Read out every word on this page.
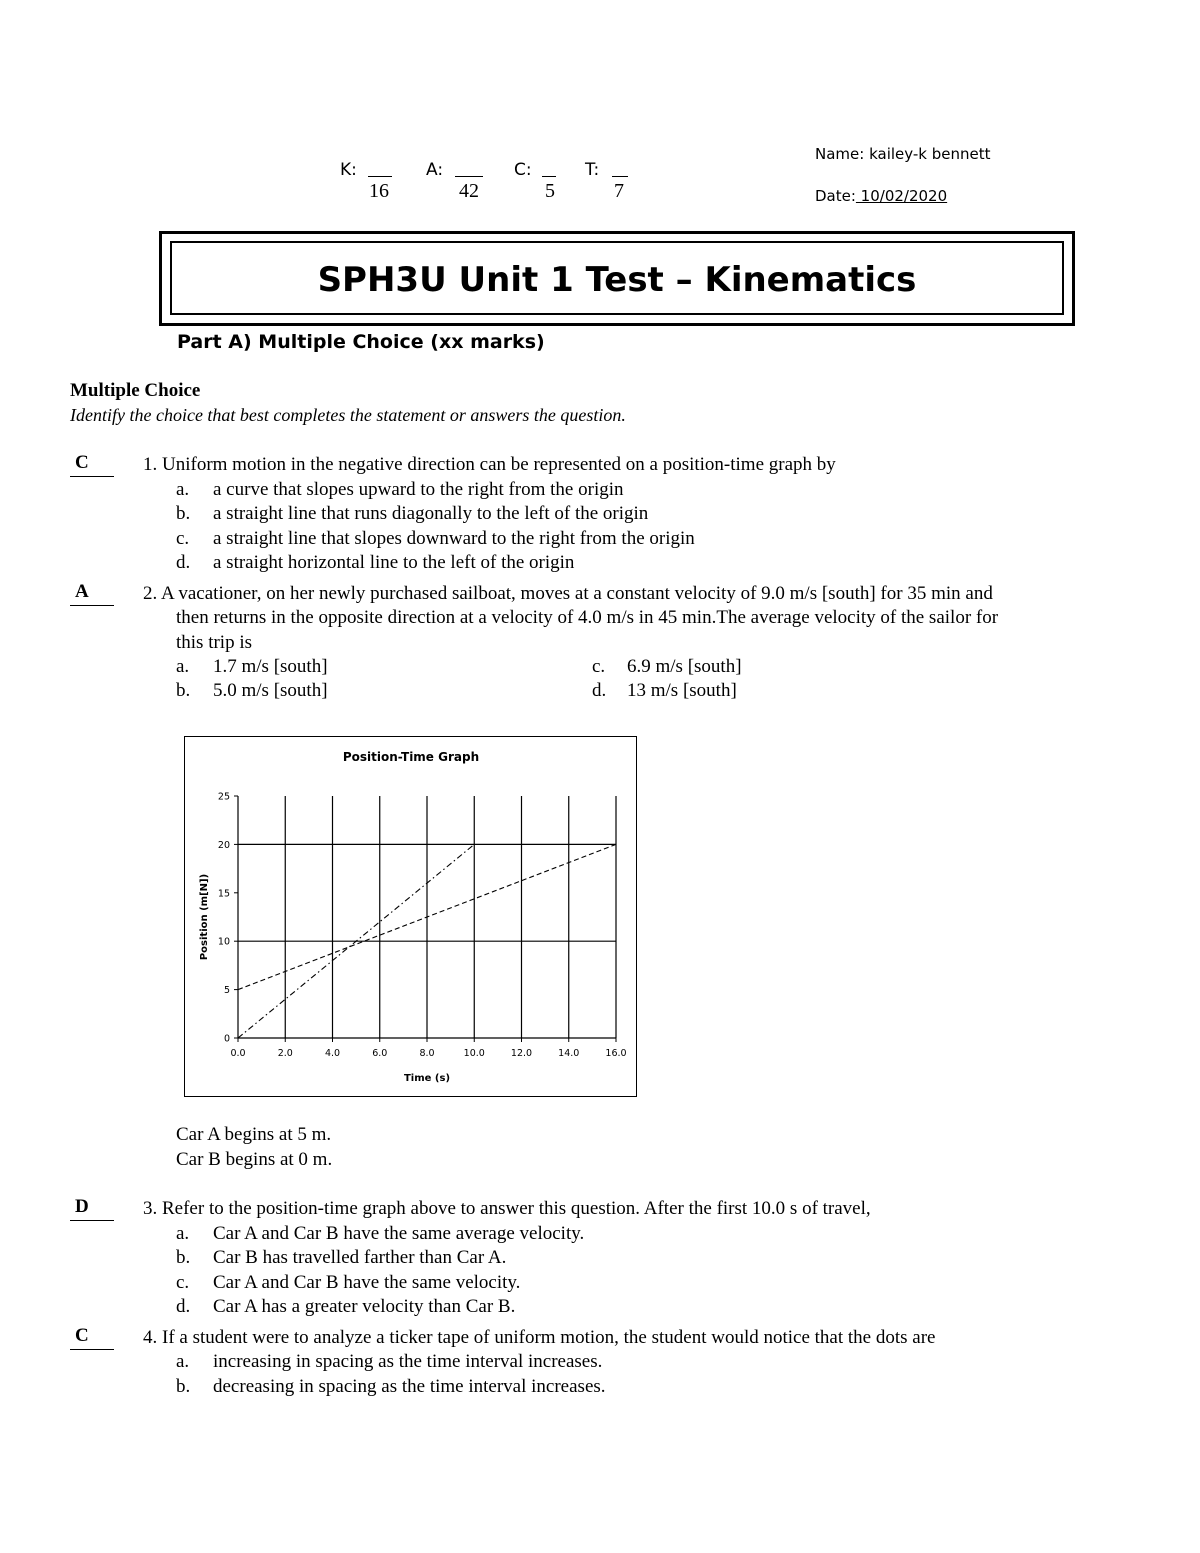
K:
16
A:
42
C:
5
T:
7
Name: kailey-k bennett
Date: 10/02/2020
SPH3U Unit 1 Test – Kinematics
Part A) Multiple Choice (xx marks)
Multiple Choice
Identify the choice that best completes the statement or answers the question.
C	1. Uniform motion in the negative direction can be represented on a position-time graph by
a. a curve that slopes upward to the right from the origin
b. a straight line that runs diagonally to the left of the origin
c. a straight line that slopes downward to the right from the origin
d. a straight horizontal line to the left of the origin
A	2. A vacationer, on her newly purchased sailboat, moves at a constant velocity of 9.0 m/s [south] for 35 min and
then returns in the opposite direction at a velocity of 4.0 m/s in 45 min.The average velocity of the sailor for
this trip is
a. 1.7 m/s [south]
b. 5.0 m/s [south]
c. 6.9 m/s [south]
d. 13 m/s [south]
Position-Time Graph
0.0	2.0	4.0	6.0	8.0	10.0	12.0	14.0	16.0
0
5
10
15
20
25
Time (s)
Position (m[N])
Car A begins at 5 m.
Car B begins at 0 m.
D	3. Refer to the position-time graph above to answer this question. After the first 10.0 s of travel,
a. Car A and Car B have the same average velocity.
b. Car B has travelled farther than Car A.
c. Car A and Car B have the same velocity.
d. Car A has a greater velocity than Car B.
C	4. If a student were to analyze a ticker tape of uniform motion, the student would notice that the dots are
a. increasing in spacing as the time interval increases.
b. decreasing in spacing as the time interval increases.
